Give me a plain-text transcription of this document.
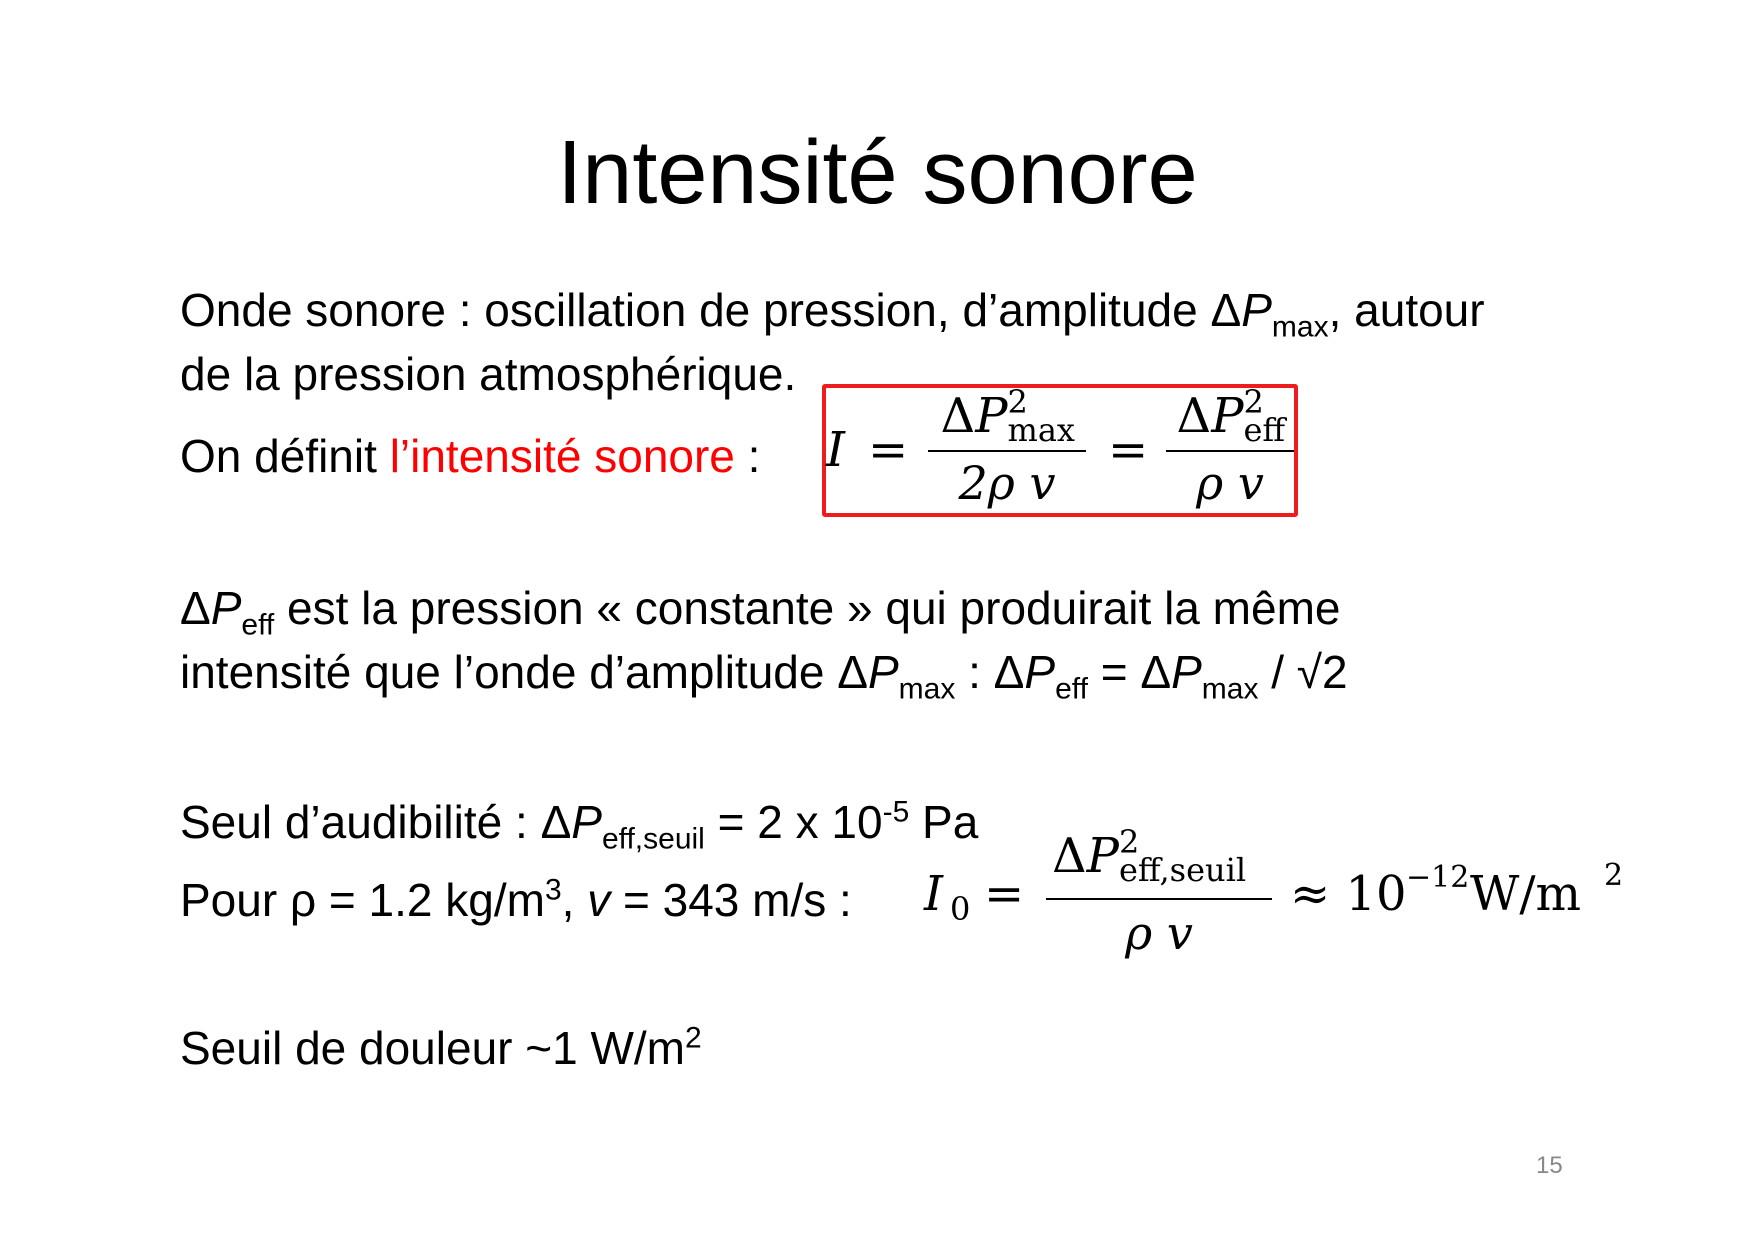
Intensité sonore
Onde sonore : oscillation de pression, d’amplitude $\Delta P_{max}$, autour
de la pression atmosphérique.
On définit l’intensité sonore : I =
ΔP 2
max
2ρ v
=
ΔP 2
eff
ρ v
$\Delta P_{eff}$ est la pression « constante » qui produirait la même
intensité que l’onde d’amplitude $\Delta P_{max}$ : $\Delta P_{eff} = \Delta P_{max} / √2$
Seul d’audibilité : $\Delta P_{eff,seuil} = 2$ x $10^{-5}$ Pa
Pour ρ = 1.2 $kg/m^3$, v = 343 m/s : I 0 =
ΔP 2
eff,seuil
ρ v
≈ 10 −12 W/m 2
Seuil de douleur ~1 $W/m^2$
15
